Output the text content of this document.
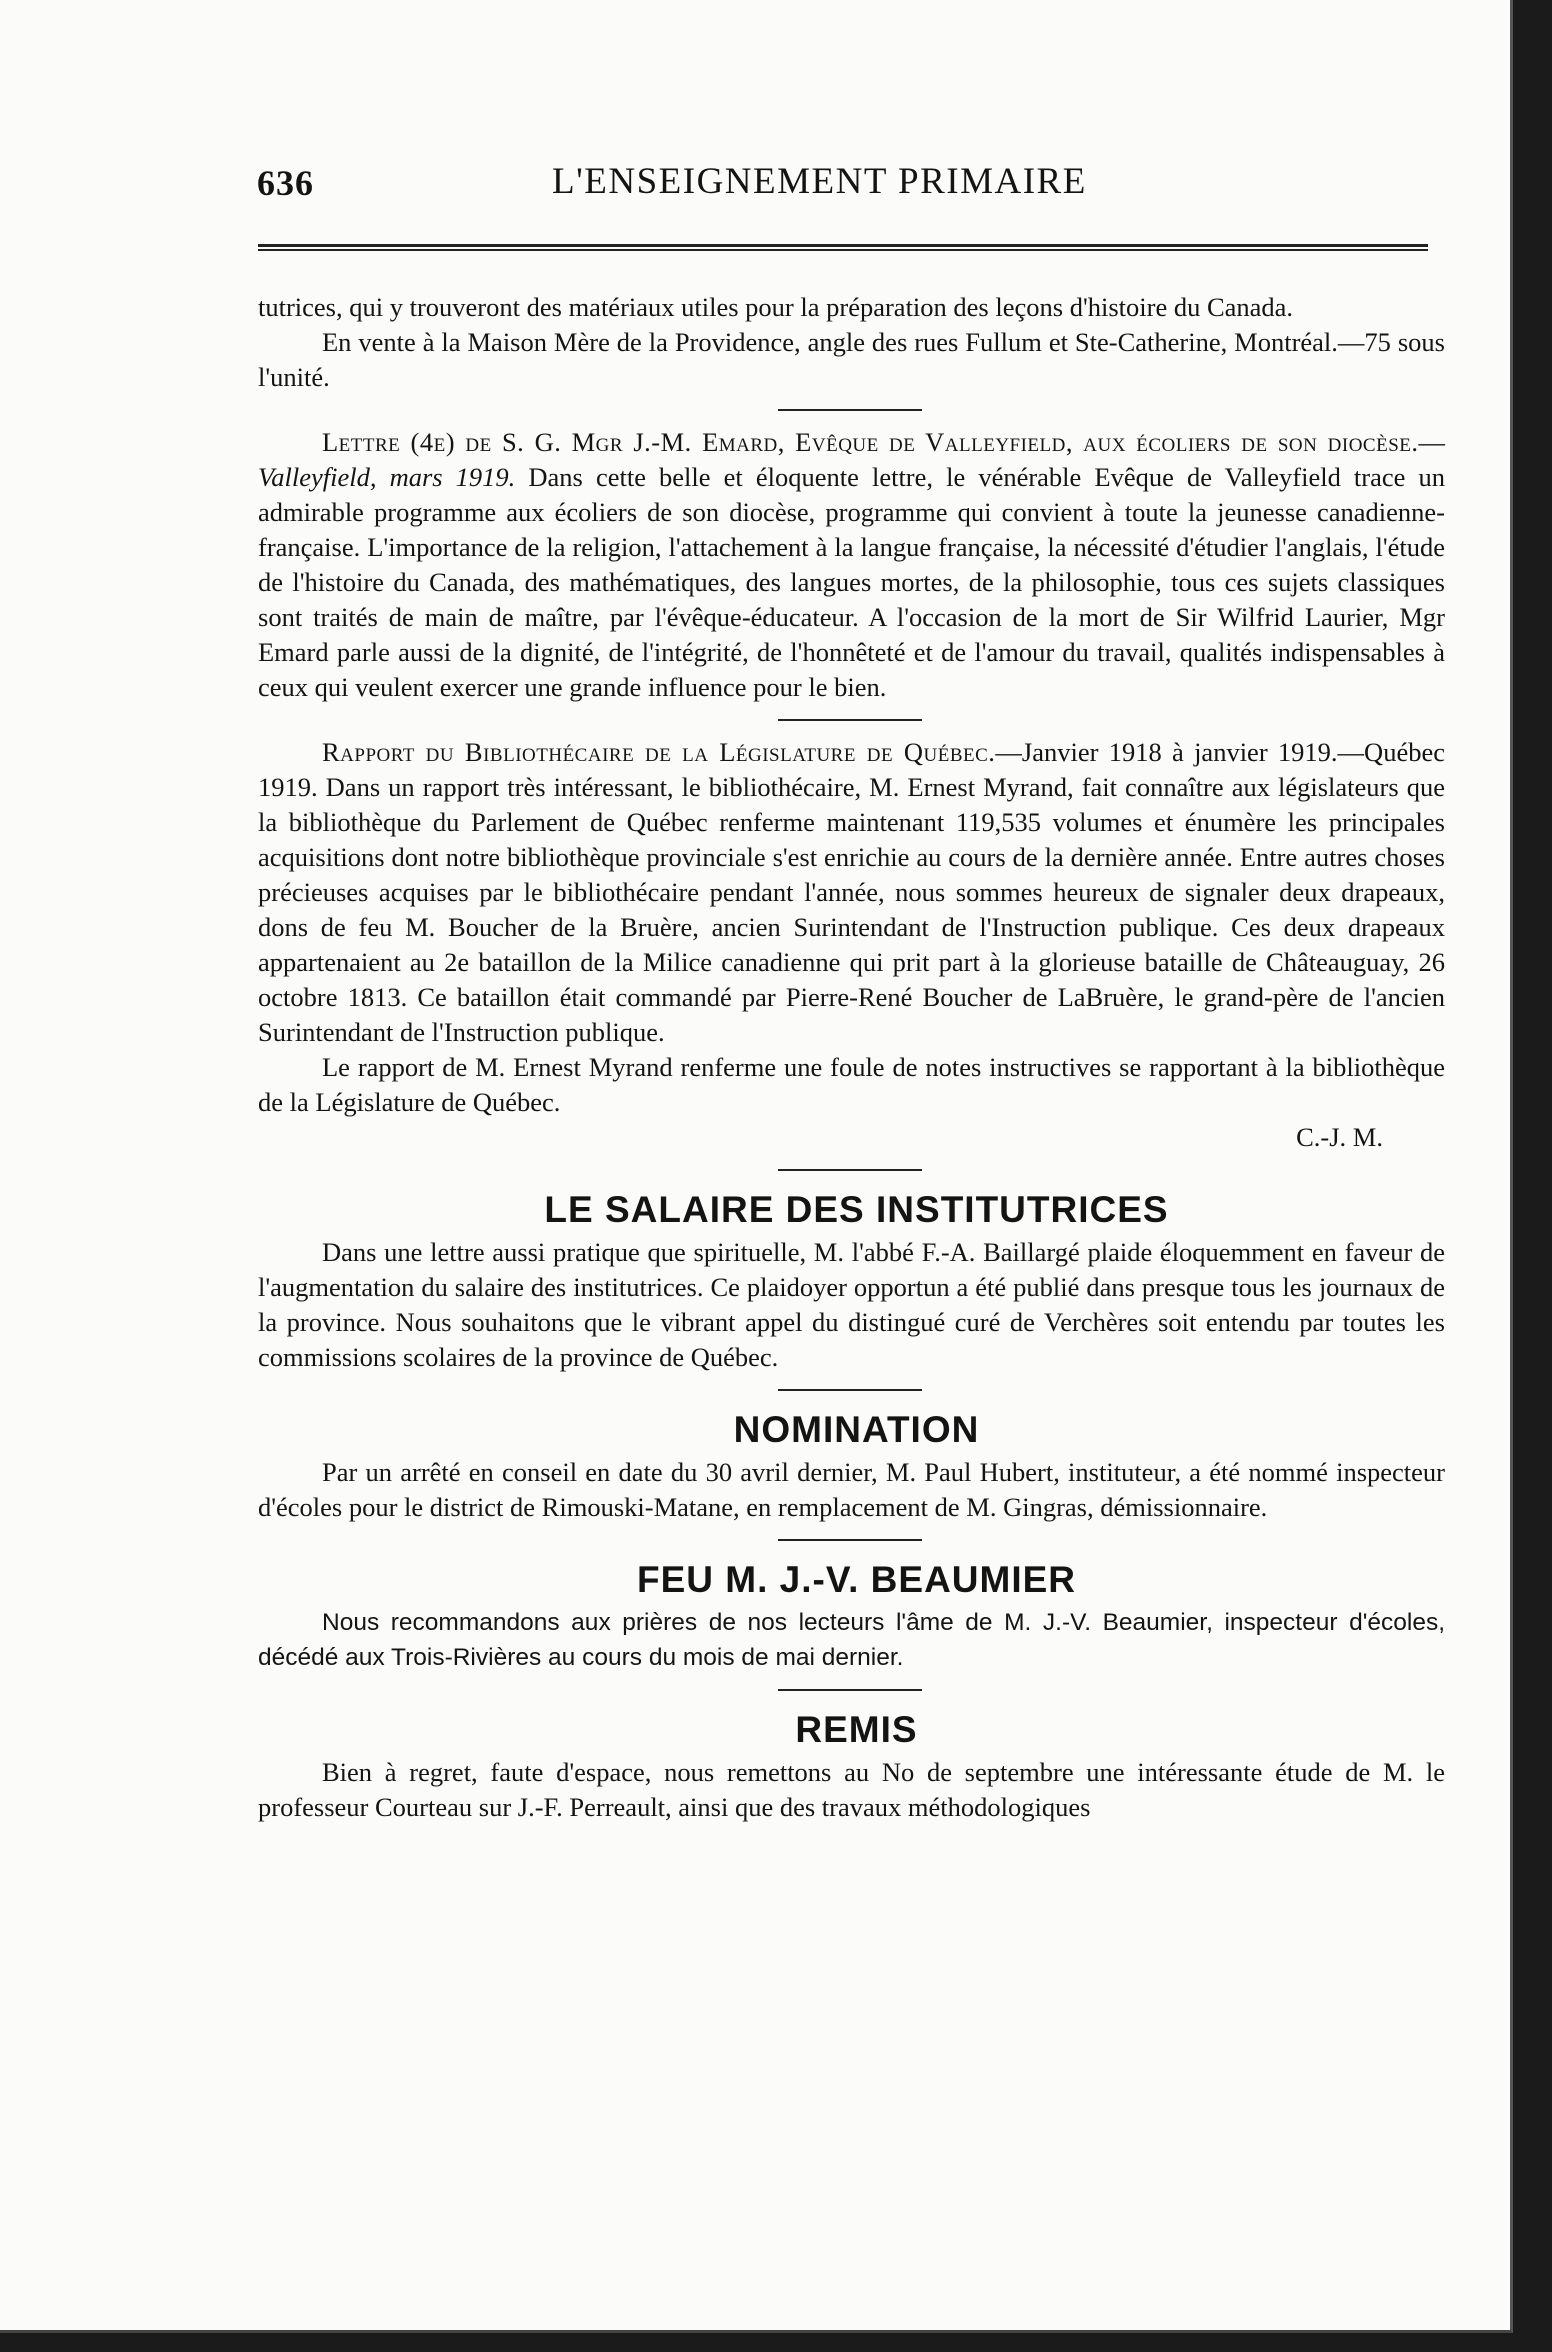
636	L'ENSEIGNEMENT PRIMAIRE

tutrices, qui y trouveront des matériaux utiles pour la préparation des leçons d'histoire du Canada.

En vente à la Maison Mère de la Providence, angle des rues Fullum et Ste-Catherine, Montréal.—75 sous l'unité.

Lettre (4e) de S. G. Mgr J.-M. Emard, Evêque de Valleyfield, aux écoliers de son diocèse.—Valleyfield, mars 1919. Dans cette belle et éloquente lettre, le vénérable Evêque de Valleyfield trace un admirable programme aux écoliers de son diocèse, programme qui convient à toute la jeunesse canadienne-française. L'importance de la religion, l'attachement à la langue française, la nécessité d'étudier l'anglais, l'étude de l'histoire du Canada, des mathématiques, des langues mortes, de la philosophie, tous ces sujets classiques sont traités de main de maître, par l'évêque-éducateur. A l'occasion de la mort de Sir Wilfrid Laurier, Mgr Emard parle aussi de la dignité, de l'intégrité, de l'honnêteté et de l'amour du travail, qualités indispensables à ceux qui veulent exercer une grande influence pour le bien.

Rapport du Bibliothécaire de la Législature de Québec.—Janvier 1918 à janvier 1919.—Québec 1919. Dans un rapport très intéressant, le bibliothécaire, M. Ernest Myrand, fait connaître aux législateurs que la bibliothèque du Parlement de Québec renferme maintenant 119,535 volumes et énumère les principales acquisitions dont notre bibliothèque provinciale s'est enrichie au cours de la dernière année. Entre autres choses précieuses acquises par le bibliothécaire pendant l'année, nous sommes heureux de signaler deux drapeaux, dons de feu M. Boucher de la Bruère, ancien Surintendant de l'Instruction publique. Ces deux drapeaux appartenaient au 2e bataillon de la Milice canadienne qui prit part à la glorieuse bataille de Châteauguay, 26 octobre 1813. Ce bataillon était commandé par Pierre-René Boucher de LaBruère, le grand-père de l'ancien Surintendant de l'Instruction publique.

Le rapport de M. Ernest Myrand renferme une foule de notes instructives se rapportant à la bibliothèque de la Législature de Québec.

C.-J. M.

LE SALAIRE DES INSTITUTRICES

Dans une lettre aussi pratique que spirituelle, M. l'abbé F.-A. Baillargé plaide éloquemment en faveur de l'augmentation du salaire des institutrices. Ce plaidoyer opportun a été publié dans presque tous les journaux de la province. Nous souhaitons que le vibrant appel du distingué curé de Verchères soit entendu par toutes les commissions scolaires de la province de Québec.

NOMINATION

Par un arrêté en conseil en date du 30 avril dernier, M. Paul Hubert, instituteur, a été nommé inspecteur d'écoles pour le district de Rimouski-Matane, en remplacement de M. Gingras, démissionnaire.

FEU M. J.-V. BEAUMIER

Nous recommandons aux prières de nos lecteurs l'âme de M. J.-V. Beaumier, inspecteur d'écoles, décédé aux Trois-Rivières au cours du mois de mai dernier.

REMIS

Bien à regret, faute d'espace, nous remettons au No de septembre une intéressante étude de M. le professeur Courteau sur J.-F. Perreault, ainsi que des travaux méthodologiques
